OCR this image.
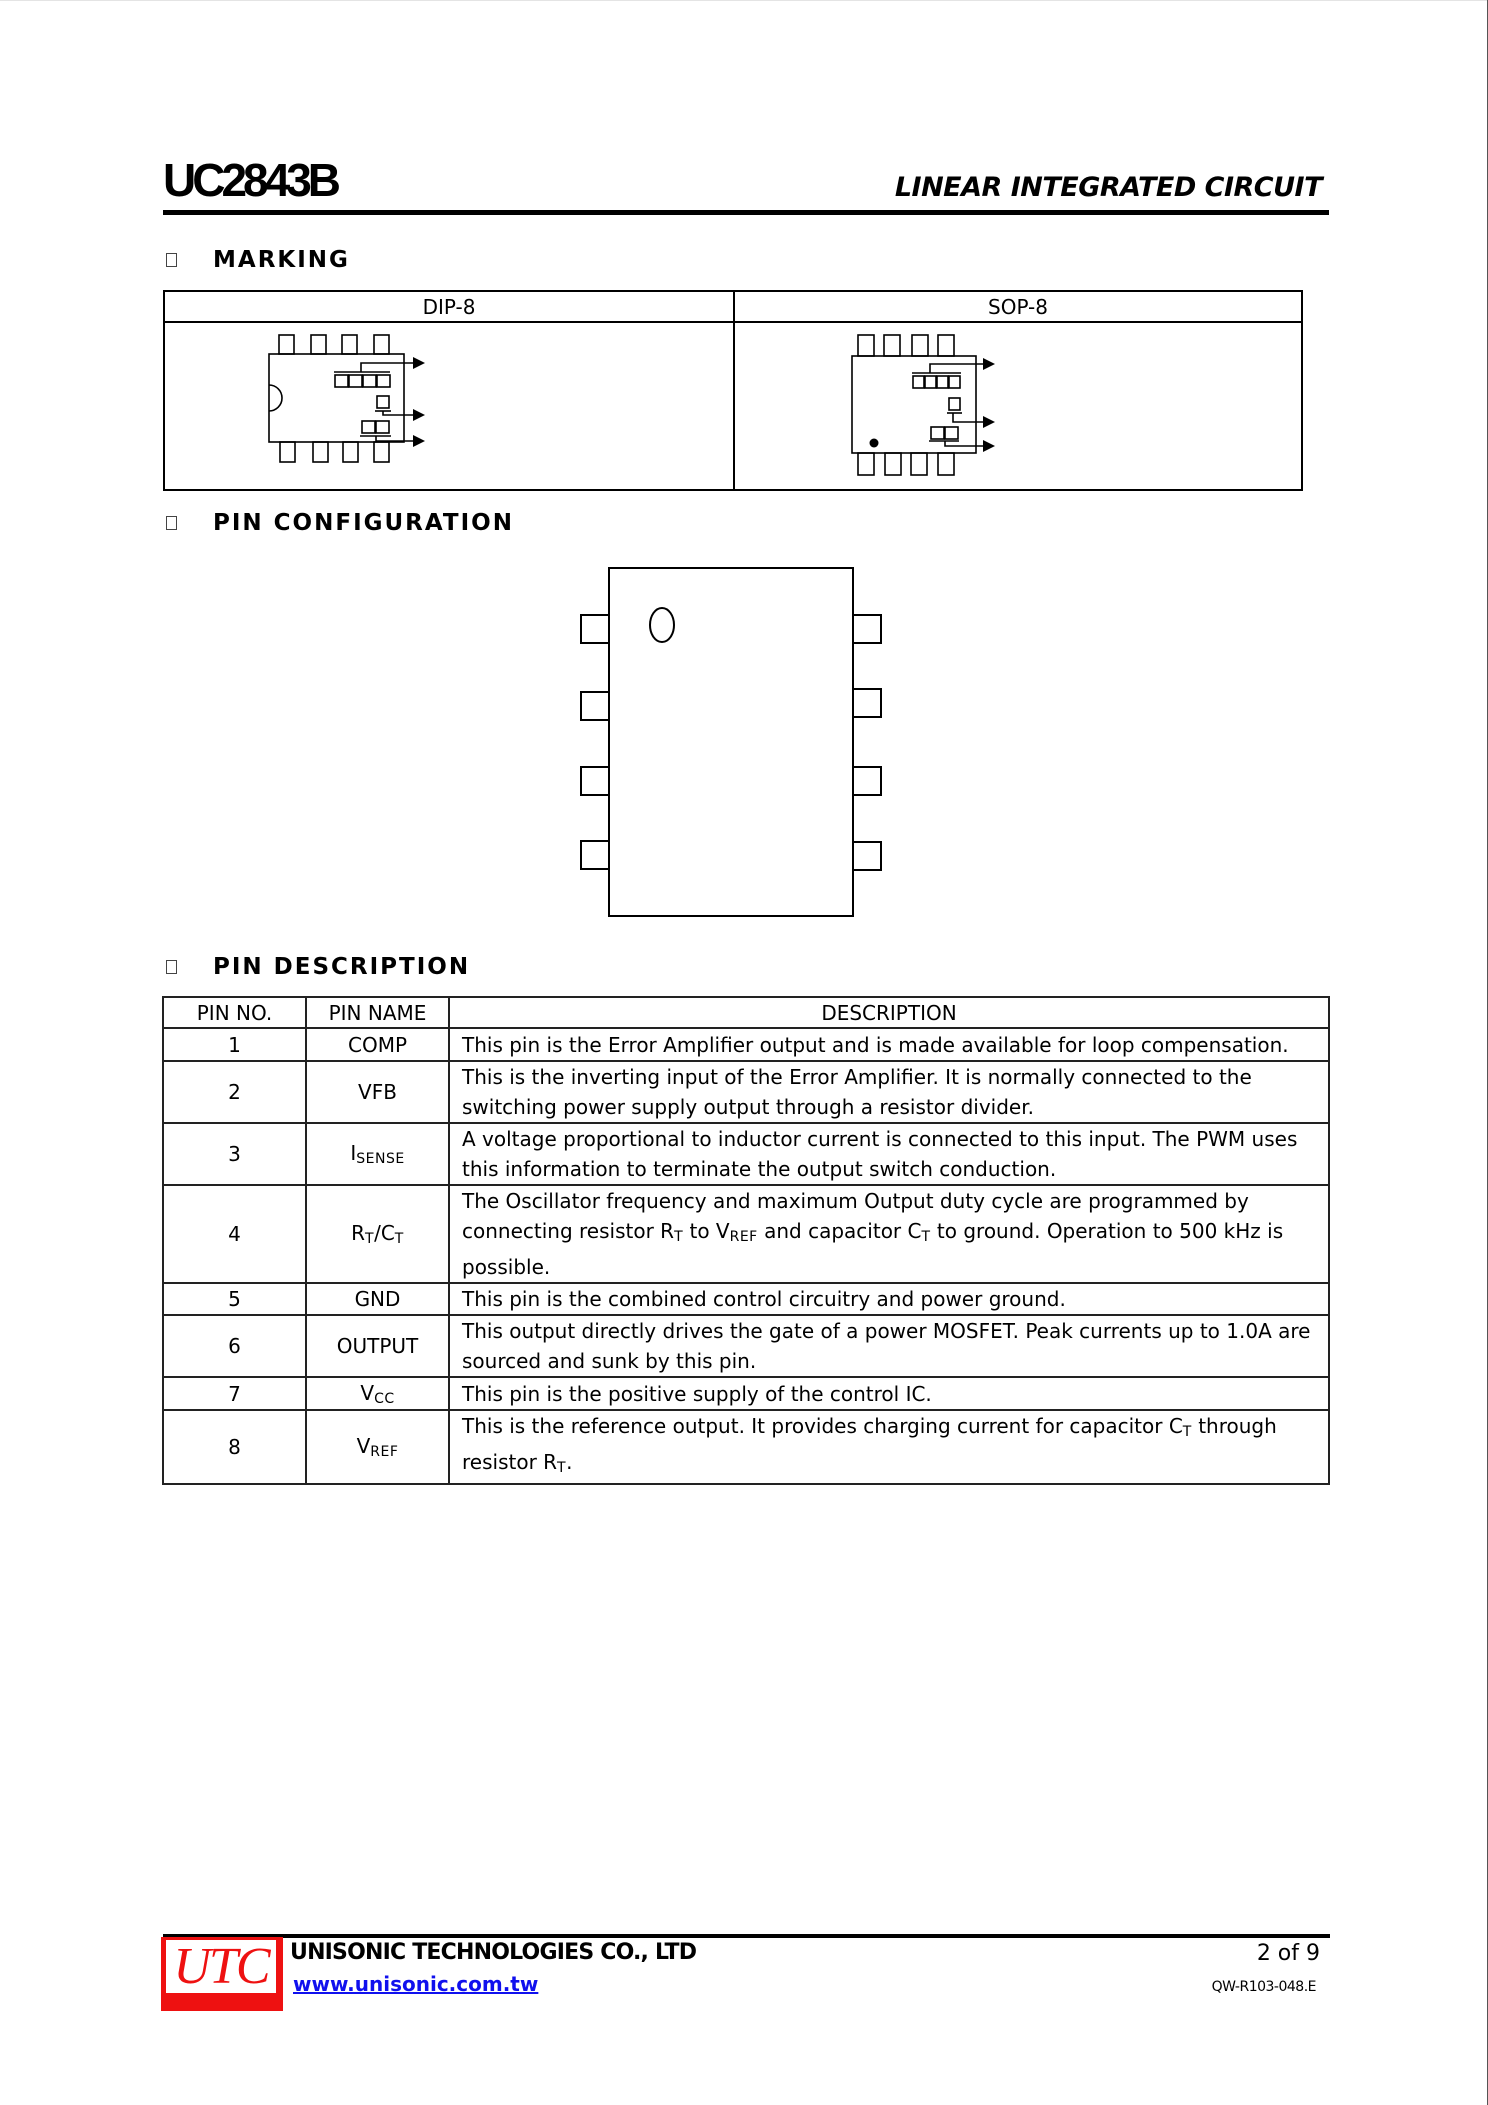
UC2843B	LINEAR INTEGRATED CIRCUIT
MARKING
DIP-8	SOP-8
PIN CONFIGURATION
PIN DESCRIPTION
PIN NO.	PIN NAME	DESCRIPTION
1	COMP	This pin is the Error Amplifier output and is made available for loop compensation.
2	VFB	This is the inverting input of the Error Amplifier. It is normally connected to the switching power supply output through a resistor divider.
3	$I_{SENSE}$	A voltage proportional to inductor current is connected to this input. The PWM uses this information to terminate the output switch conduction.
4	$R_T/C_T$	The Oscillator frequency and maximum Output duty cycle are programmed by connecting resistor $R_T$ to $V_{REF}$ and capacitor $C_T$ to ground. Operation to 500 kHz is possible.
5	GND	This pin is the combined control circuitry and power ground.
6	OUTPUT	This output directly drives the gate of a power MOSFET. Peak currents up to 1.0A are sourced and sunk by this pin.
7	$V_{CC}$	This pin is the positive supply of the control IC.
8	$V_{REF}$	This is the reference output. It provides charging current for capacitor $C_T$ through resistor $R_T$.
UTC UNISONIC TECHNOLOGIES CO., LTD
www.unisonic.com.tw
2 of 9
QW-R103-048.E
